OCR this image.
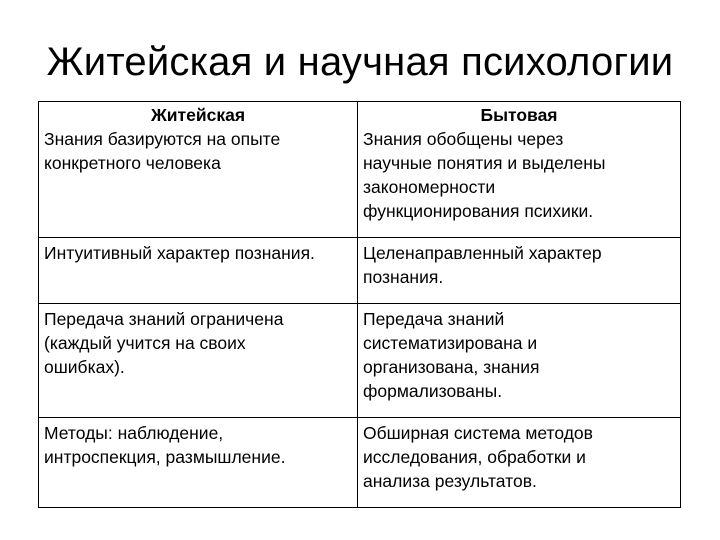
Житейская и научная психологии
Житейская	Бытовая

Знания базируются на опыте
конкретного человека	Знания обобщены через
научные понятия и выделены
закономерности
функционирования психики.

Интуитивный характер познания.	Целенаправленный характер
познания.

Передача знаний ограничена
(каждый учится на своих
ошибках).	Передача знаний
систематизирована и
организована, знания
формализованы.

Методы: наблюдение,
интроспекция, размышление.	Обширная система методов
исследования, обработки и
анализа результатов.
